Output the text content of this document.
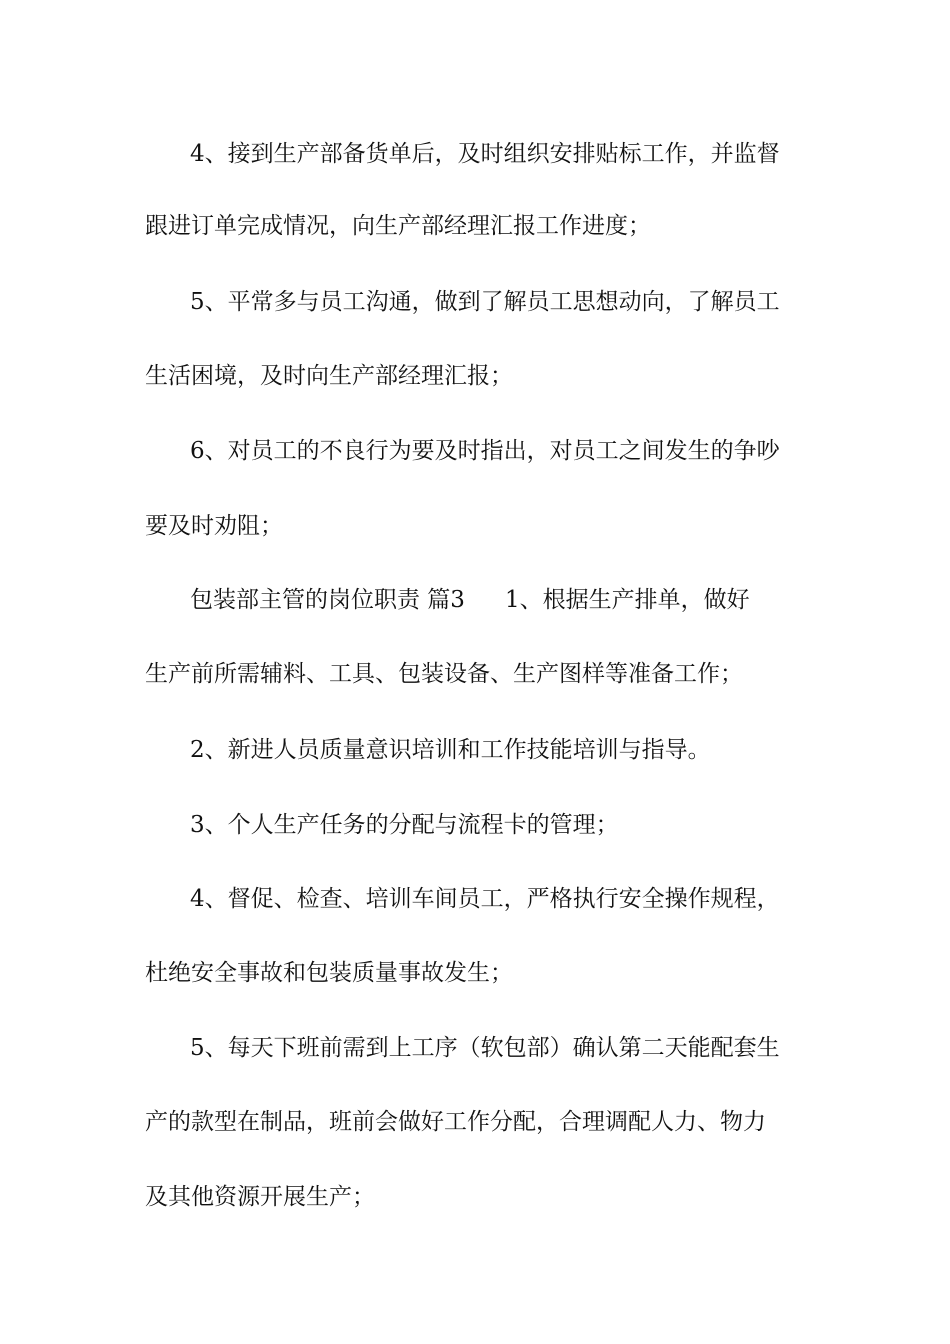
4、接到生产部备货单后，及时组织安排贴标工作，并监督
跟进订单完成情况，向生产部经理汇报工作进度；
5、平常多与员工沟通，做到了解员工思想动向，了解员工
生活困境，及时向生产部经理汇报；
6、对员工的不良行为要及时指出，对员工之间发生的争吵
要及时劝阻；
包装部主管的岗位职责 篇3 1、根据生产排单，做好
生产前所需辅料、工具、包装设备、生产图样等准备工作；
2、新进人员质量意识培训和工作技能培训与指导。
3、个人生产任务的分配与流程卡的管理；
4、督促、检查、培训车间员工，严格执行安全操作规程，
杜绝安全事故和包装质量事故发生；
5、每天下班前需到上工序（软包部）确认第二天能配套生
产的款型在制品，班前会做好工作分配，合理调配人力、物力
及其他资源开展生产；
